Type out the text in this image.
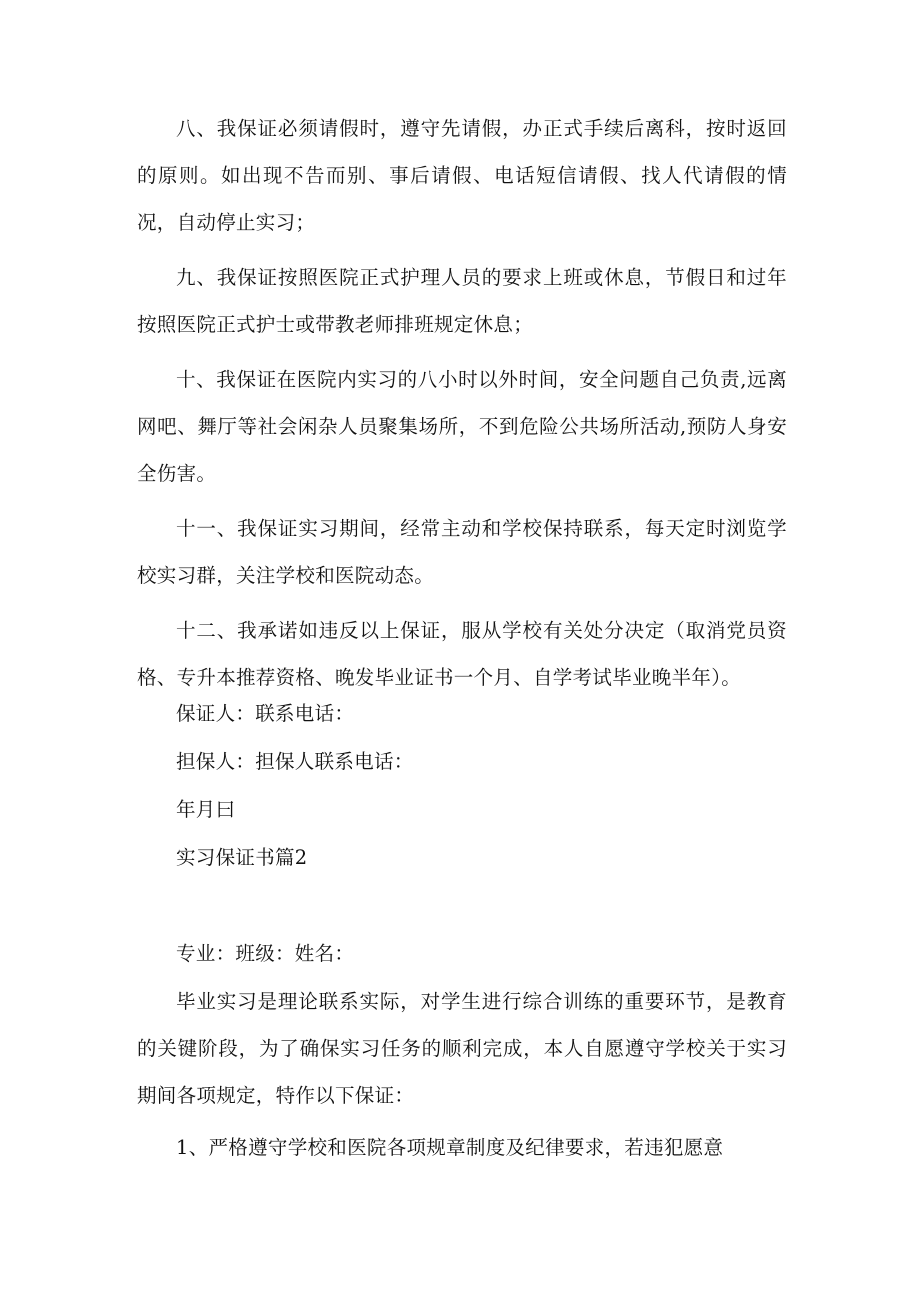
八、我保证必须请假时，遵守先请假，办正式手续后离科，按时返回的原则。如出现不告而别、事后请假、电话短信请假、找人代请假的情况，自动停止实习；

九、我保证按照医院正式护理人员的要求上班或休息，节假日和过年按照医院正式护士或带教老师排班规定休息；

十、我保证在医院内实习的八小时以外时间，安全问题自己负责,远离网吧、舞厅等社会闲杂人员聚集场所，不到危险公共场所活动,预防人身安全伤害。

十一、我保证实习期间，经常主动和学校保持联系，每天定时浏览学校实习群，关注学校和医院动态。

十二、我承诺如违反以上保证，服从学校有关处分决定（取消党员资格、专升本推荐资格、晚发毕业证书一个月、自学考试毕业晚半年）。

保证人：联系电话：
担保人：担保人联系电话：
年月曰
实习保证书篇2
专业：班级：姓名：

毕业实习是理论联系实际，对学生进行综合训练的重要环节，是教育的关键阶段，为了确保实习任务的顺利完成，本人自愿遵守学校关于实习期间各项规定，特作以下保证：

1、严格遵守学校和医院各项规章制度及纪律要求，若违犯愿意
